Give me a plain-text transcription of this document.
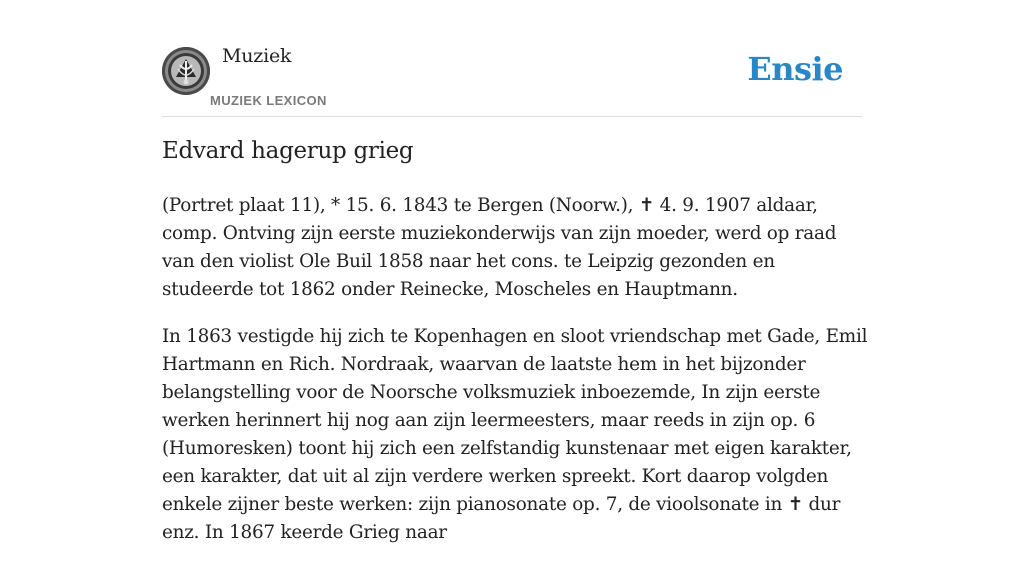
Muziek
MUZIEK LEXICON
Ensie
Edvard hagerup grieg

(Portret plaat 11), * 15. 6. 1843 te Bergen (Noorw.), ✝ 4. 9. 1907 aldaar, comp. Ontving zijn eerste muziekonderwijs van zijn moeder, werd op raad van den violist Ole Buil 1858 naar het cons. te Leipzig gezonden en studeerde tot 1862 onder Reinecke, Moscheles en Hauptmann.

In 1863 vestigde hij zich te Kopenhagen en sloot vriendschap met Gade, Emil Hartmann en Rich. Nordraak, waarvan de laatste hem in het bijzonder belangstelling voor de Noorsche volksmuziek inboezemde, In zijn eerste werken herinnert hij nog aan zijn leermeesters, maar reeds in zijn op. 6 (Humoresken) toont hij zich een zelfstandig kunstenaar met eigen karakter, een karakter, dat uit al zijn verdere werken spreekt. Kort daarop volgden enkele zijner beste werken: zijn pianosonate op. 7, de vioolsonate in ✝ dur enz. In 1867 keerde Grieg naar
